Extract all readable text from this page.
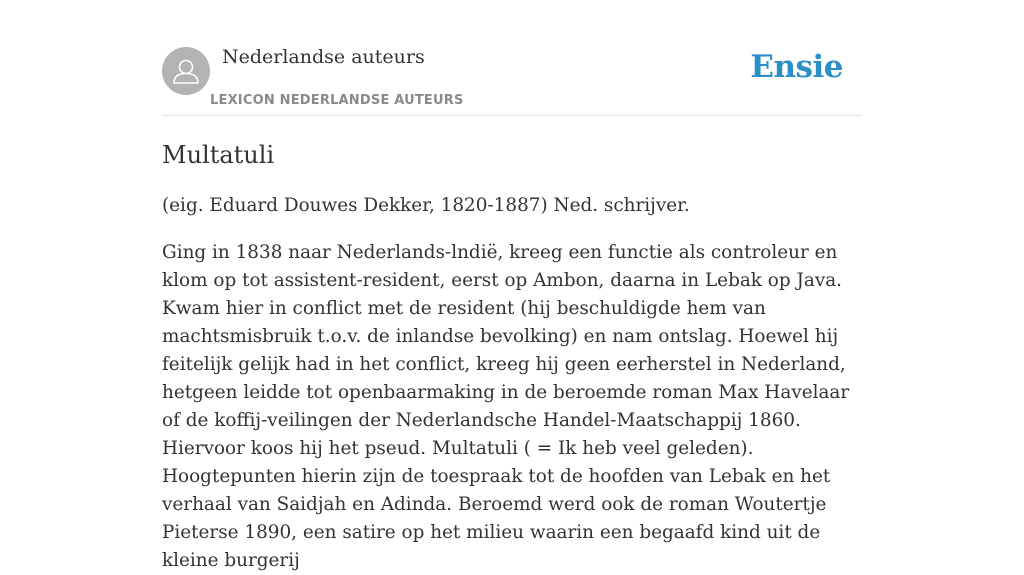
Nederlandse auteurs
LEXICON NEDERLANDSE AUTEURS
Ensie
Multatuli

(eig. Eduard Douwes Dekker, 1820-1887) Ned. schrijver.

Ging in 1838 naar Nederlands-lndië, kreeg een functie als controleur en klom op tot assistent-resident, eerst op Ambon, daarna in Lebak op Java. Kwam hier in conflict met de resident (hij beschuldigde hem van machtsmisbruik t.o.v. de inlandse bevolking) en nam ontslag. Hoewel hij feitelijk gelijk had in het conflict, kreeg hij geen eerherstel in Nederland, hetgeen leidde tot openbaarmaking in de beroemde roman Max Havelaar of de koffij-veilingen der Nederlandsche Handel-Maatschappij 1860. Hiervoor koos hij het pseud. Multatuli ( = Ik heb veel geleden). Hoogtepunten hierin zijn de toespraak tot de hoofden van Lebak en het verhaal van Saidjah en Adinda. Beroemd werd ook de roman Woutertje Pieterse 1890, een satire op het milieu waarin een begaafd kind uit de kleine burgerij
